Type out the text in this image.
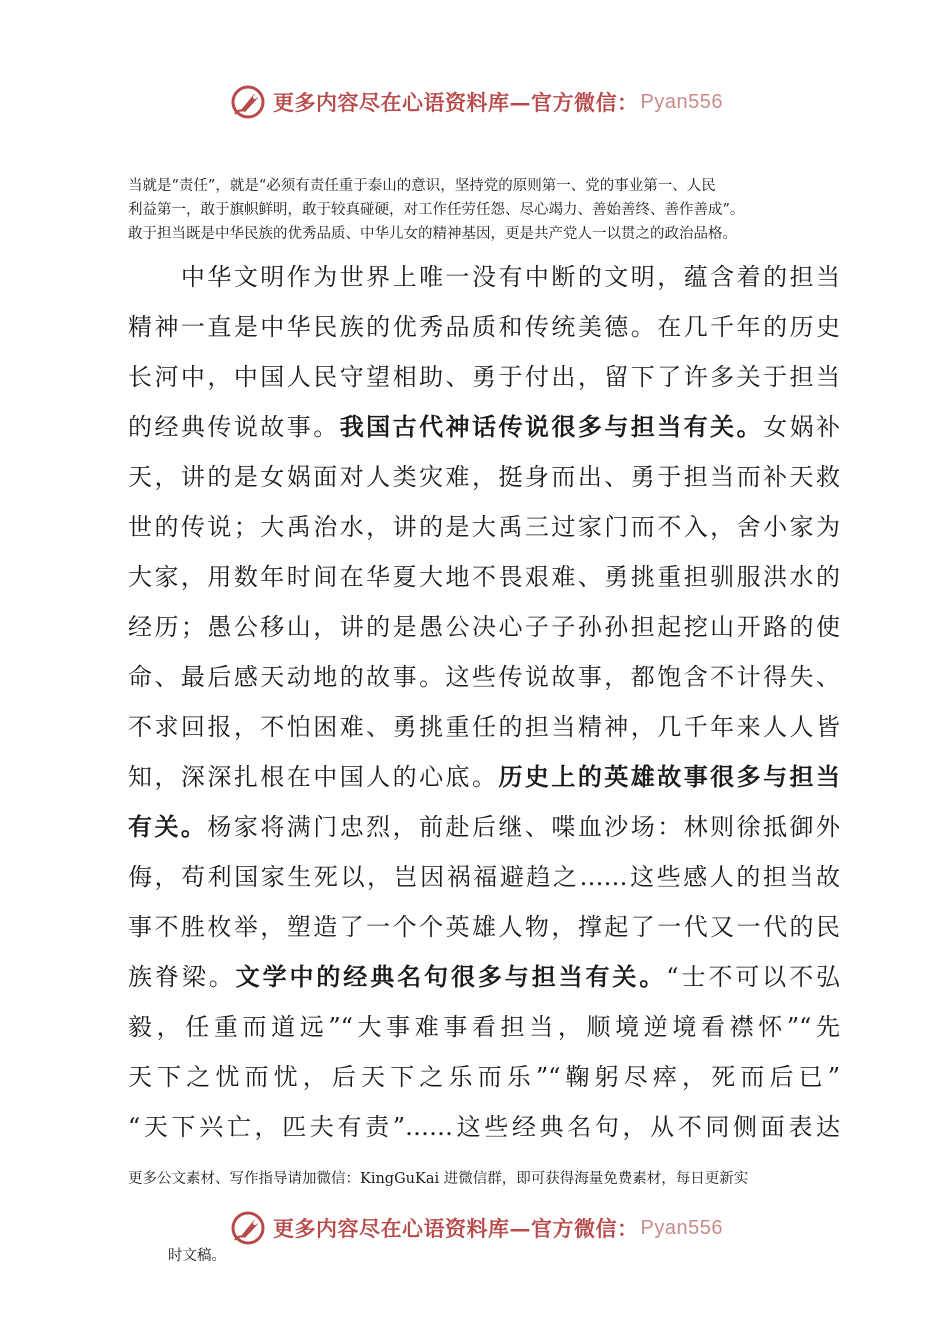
更多内容尽在心语资料库—官方微信： Pyan556

当就是“责任”，就是“必须有责任重于泰山的意识，坚持党的原则第一、党的事业第一、人民
利益第一，敢于旗帜鲜明，敢于较真碰硬，对工作任劳任怨、尽心竭力、善始善终、善作善成”。
敢于担当既是中华民族的优秀品质、中华儿女的精神基因，更是共产党人一以贯之的政治品格。

　　中华文明作为世界上唯一没有中断的文明，蕴含着的担当
精神一直是中华民族的优秀品质和传统美德。在几千年的历史
长河中，中国人民守望相助、勇于付出，留下了许多关于担当
的经典传说故事。我国古代神话传说很多与担当有关。女娲补
天，讲的是女娲面对人类灾难，挺身而出、勇于担当而补天救
世的传说；大禹治水，讲的是大禹三过家门而不入，舍小家为
大家，用数年时间在华夏大地不畏艰难、勇挑重担驯服洪水的
经历；愚公移山，讲的是愚公决心子子孙孙担起挖山开路的使
命、最后感天动地的故事。这些传说故事，都饱含不计得失、
不求回报，不怕困难、勇挑重任的担当精神，几千年来人人皆
知，深深扎根在中国人的心底。历史上的英雄故事很多与担当
有关。杨家将满门忠烈，前赴后继、喋血沙场：林则徐抵御外
侮，苟利国家生死以，岂因祸福避趋之……这些感人的担当故
事不胜枚举，塑造了一个个英雄人物，撑起了一代又一代的民
族脊梁。文学中的经典名句很多与担当有关。“士不可以不弘
毅，任重而道远”“大事难事看担当，顺境逆境看襟怀”“先
天下之忧而忧，后天下之乐而乐”“鞠躬尽瘁，死而后已”
“天下兴亡，匹夫有责”……这些经典名句，从不同侧面表达

更多公文素材、写作指导请加微信：KingGuKai 进微信群，即可获得海量免费素材，每日更新实

更多内容尽在心语资料库—官方微信： Pyan556

时文稿。
